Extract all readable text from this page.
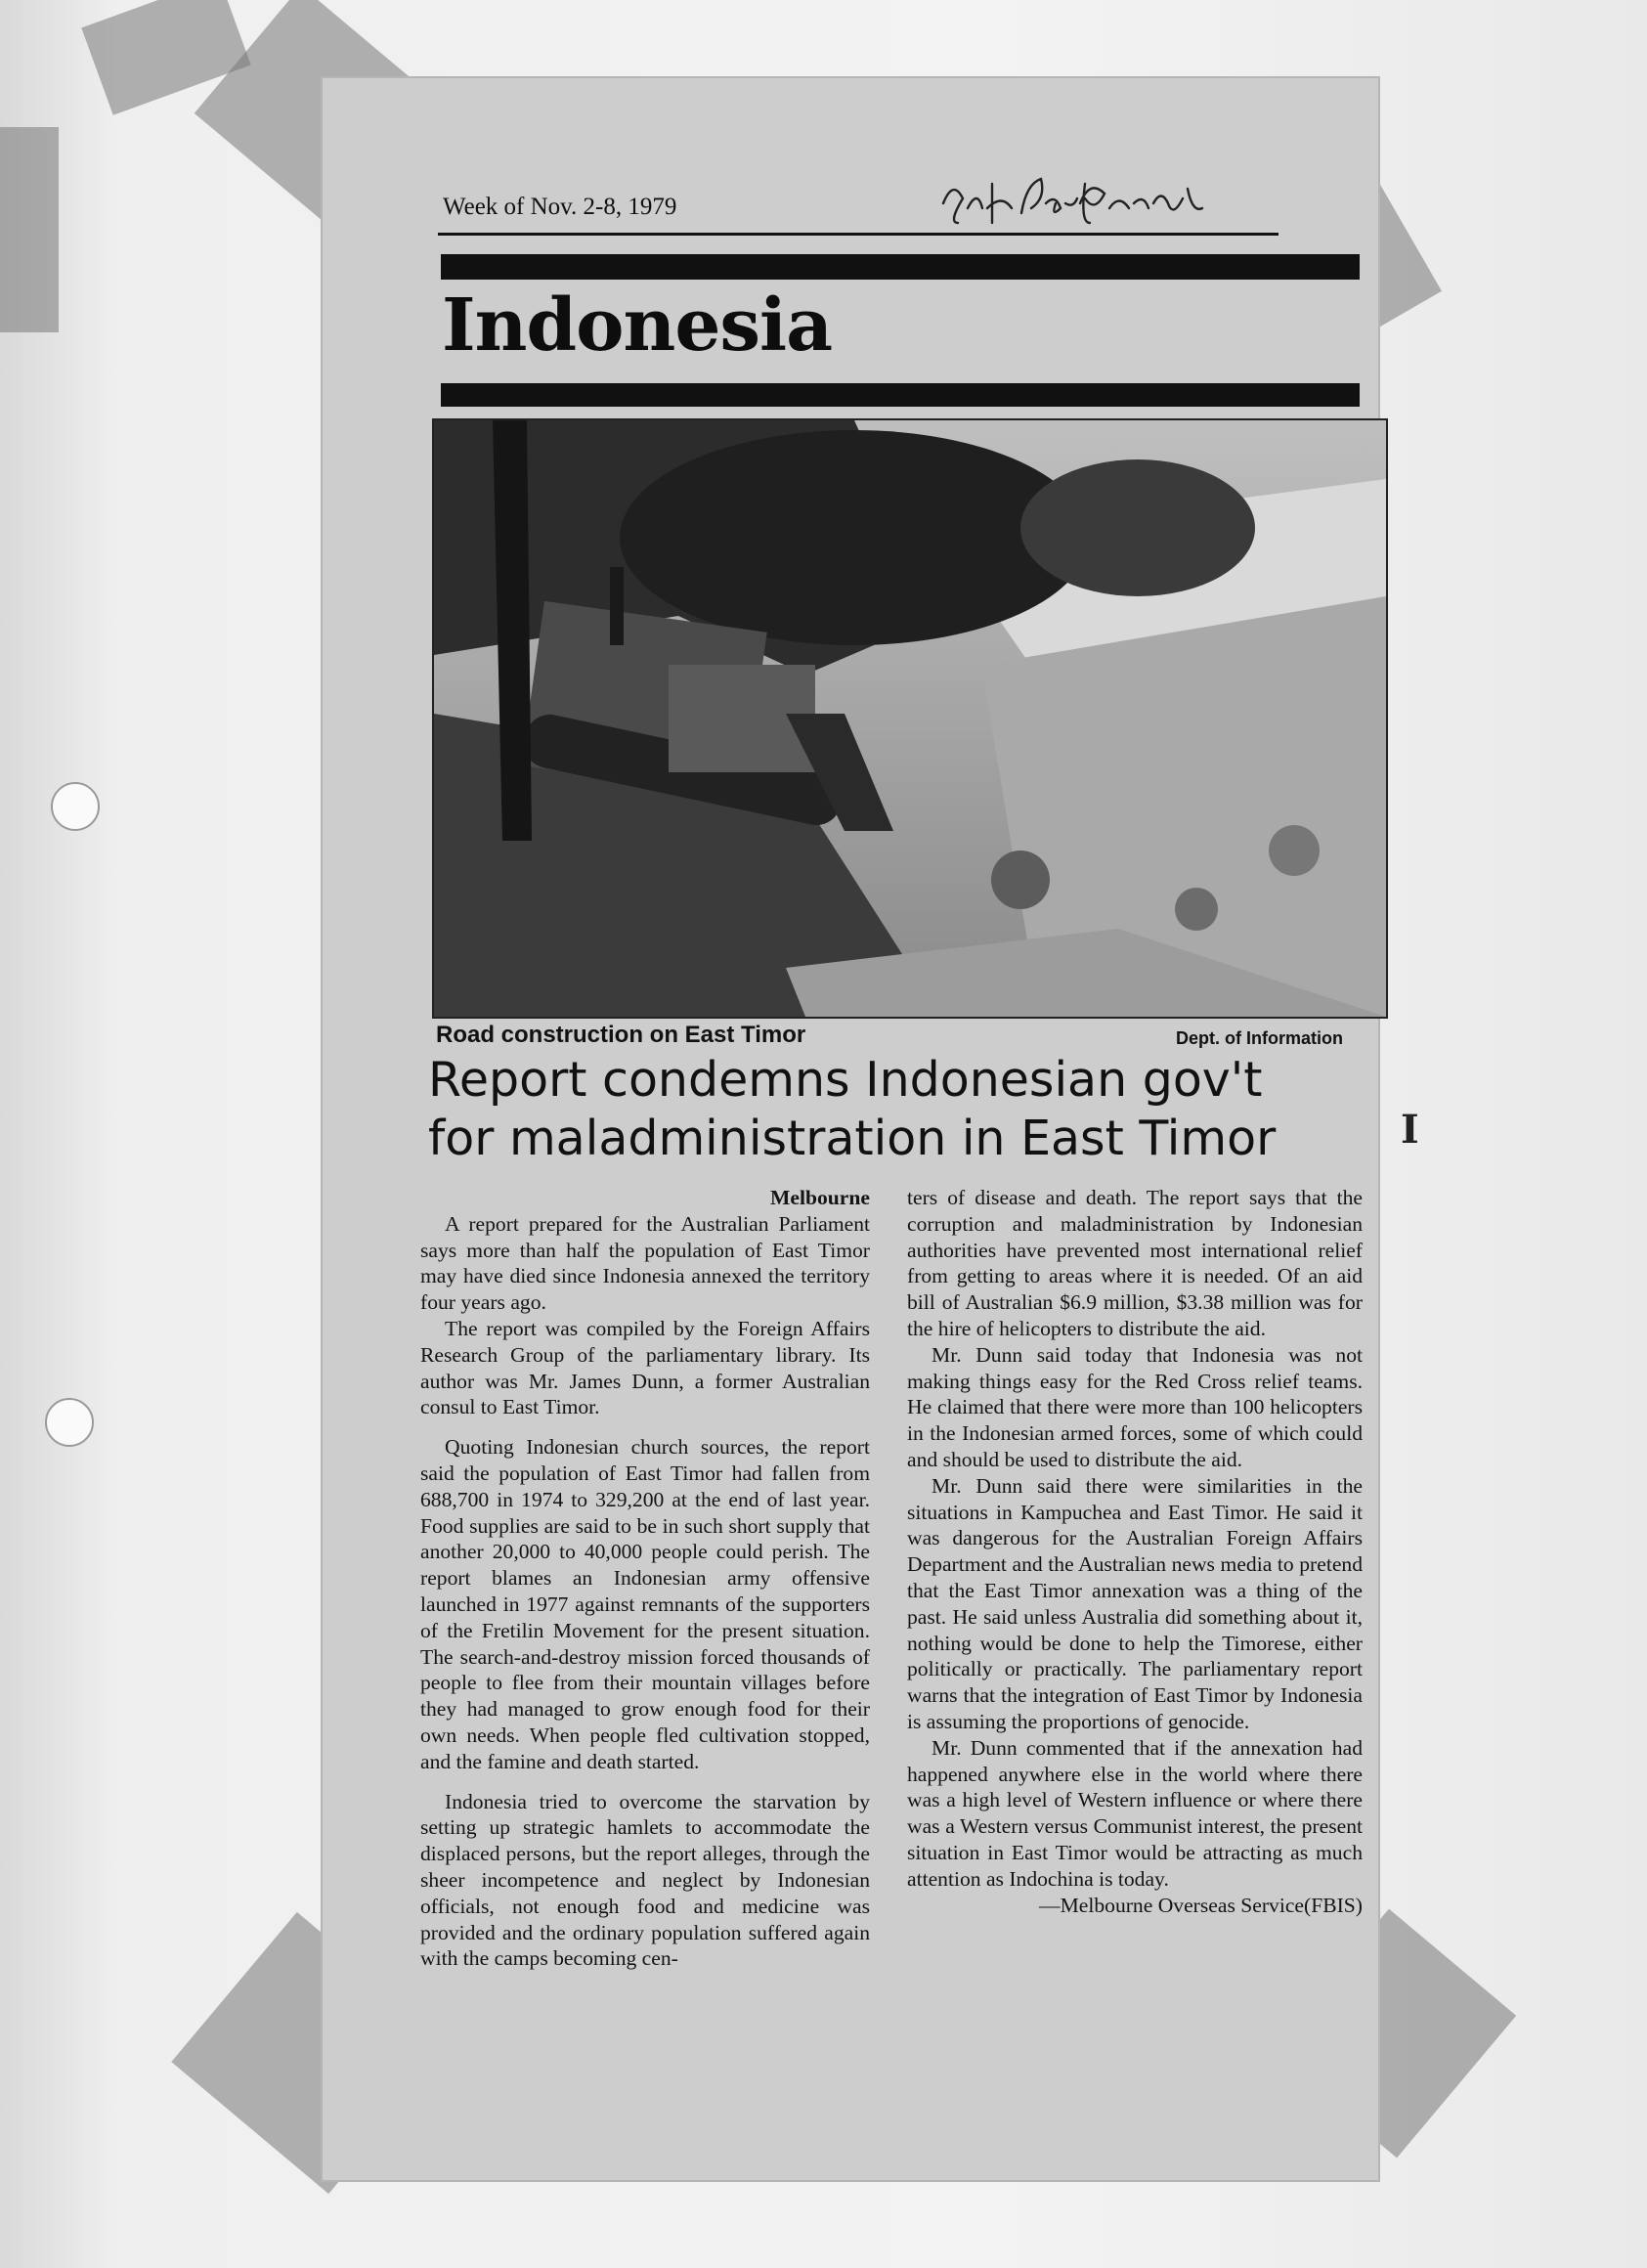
Week of Nov. 2-8, 1979
Indonesia
Road construction on East Timor	Dept. of Information
Report condemns Indonesian gov't
for maladministration in East Timor	I

Melbourne

A report prepared for the Australian Parliament says more than half the population of East Timor may have died since Indonesia annexed the territory four years ago.

The report was compiled by the Foreign Affairs Research Group of the parliamentary library. Its author was Mr. James Dunn, a former Australian consul to East Timor.

Quoting Indonesian church sources, the report said the population of East Timor had fallen from 688,700 in 1974 to 329,200 at the end of last year. Food supplies are said to be in such short supply that another 20,000 to 40,000 people could perish. The report blames an Indonesian army offensive launched in 1977 against remnants of the supporters of the Fretilin Movement for the present situation. The search-and-destroy mission forced thousands of people to flee from their mountain villages before they had managed to grow enough food for their own needs. When people fled cultivation stopped, and the famine and death started.

Indonesia tried to overcome the starvation by setting up strategic hamlets to accommodate the displaced persons, but the report alleges, through the sheer incompetence and neglect by Indonesian officials, not enough food and medicine was provided and the ordinary population suffered again with the camps becoming cen-

ters of disease and death. The report says that the corruption and maladministration by Indonesian authorities have prevented most international relief from getting to areas where it is needed. Of an aid bill of Australian $6.9 million, $3.38 million was for the hire of helicopters to distribute the aid.

Mr. Dunn said today that Indonesia was not making things easy for the Red Cross relief teams. He claimed that there were more than 100 helicopters in the Indonesian armed forces, some of which could and should be used to distribute the aid.

Mr. Dunn said there were similarities in the situations in Kampuchea and East Timor. He said it was dangerous for the Australian Foreign Affairs Department and the Australian news media to pretend that the East Timor annexation was a thing of the past. He said unless Australia did something about it, nothing would be done to help the Timorese, either politically or practically. The parliamentary report warns that the integration of East Timor by Indonesia is assuming the proportions of genocide.

Mr. Dunn commented that if the annexation had happened anywhere else in the world where there was a high level of Western influence or where there was a Western versus Communist interest, the present situation in East Timor would be attracting as much attention as Indochina is today.

—Melbourne Overseas Service(FBIS)
